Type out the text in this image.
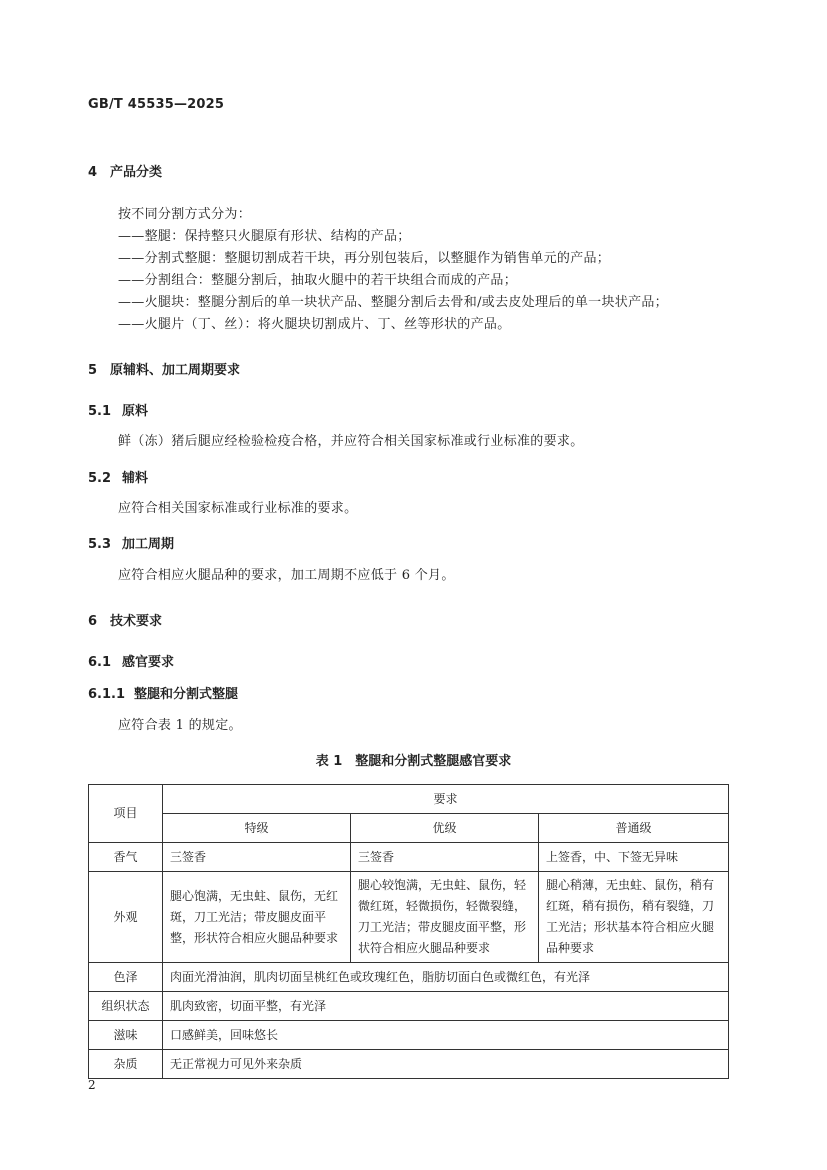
GB/T 45535—2025
4 产品分类
按不同分割方式分为：
——整腿：保持整只火腿原有形状、结构的产品；
——分割式整腿：整腿切割成若干块，再分别包装后，以整腿作为销售单元的产品；
——分割组合：整腿分割后，抽取火腿中的若干块组合而成的产品；
——火腿块：整腿分割后的单一块状产品、整腿分割后去骨和/或去皮处理后的单一块状产品；
——火腿片（丁、丝）：将火腿块切割成片、丁、丝等形状的产品。
5 原辅料、加工周期要求
5.1 原料
鲜（冻）猪后腿应经检验检疫合格，并应符合相关国家标准或行业标准的要求。
5.2 辅料
应符合相关国家标准或行业标准的要求。
5.3 加工周期
应符合相应火腿品种的要求，加工周期不应低于 6 个月。
6 技术要求
6.1 感官要求
6.1.1 整腿和分割式整腿
应符合表 1 的规定。
表 1　整腿和分割式整腿感官要求
项目	要求		
	特级	优级	普通级
香气	三签香	三签香	上签香，中、下签无异味
外观	腿心饱满，无虫蛀、鼠伤，无红斑，刀工光洁；带皮腿皮面平整，形状符合相应火腿品种要求	腿心较饱满，无虫蛀、鼠伤，轻微红斑，轻微损伤，轻微裂缝，刀工光洁；带皮腿皮面平整，形状符合相应火腿品种要求	腿心稍薄，无虫蛀、鼠伤，稍有红斑，稍有损伤，稍有裂缝，刀工光洁；形状基本符合相应火腿品种要求
色泽	肉面光滑油润，肌肉切面呈桃红色或玫瑰红色，脂肪切面白色或微红色，有光泽		
组织状态	肌肉致密，切面平整，有光泽		
滋味	口感鲜美，回味悠长		
杂质	无正常视力可见外来杂质		
2
